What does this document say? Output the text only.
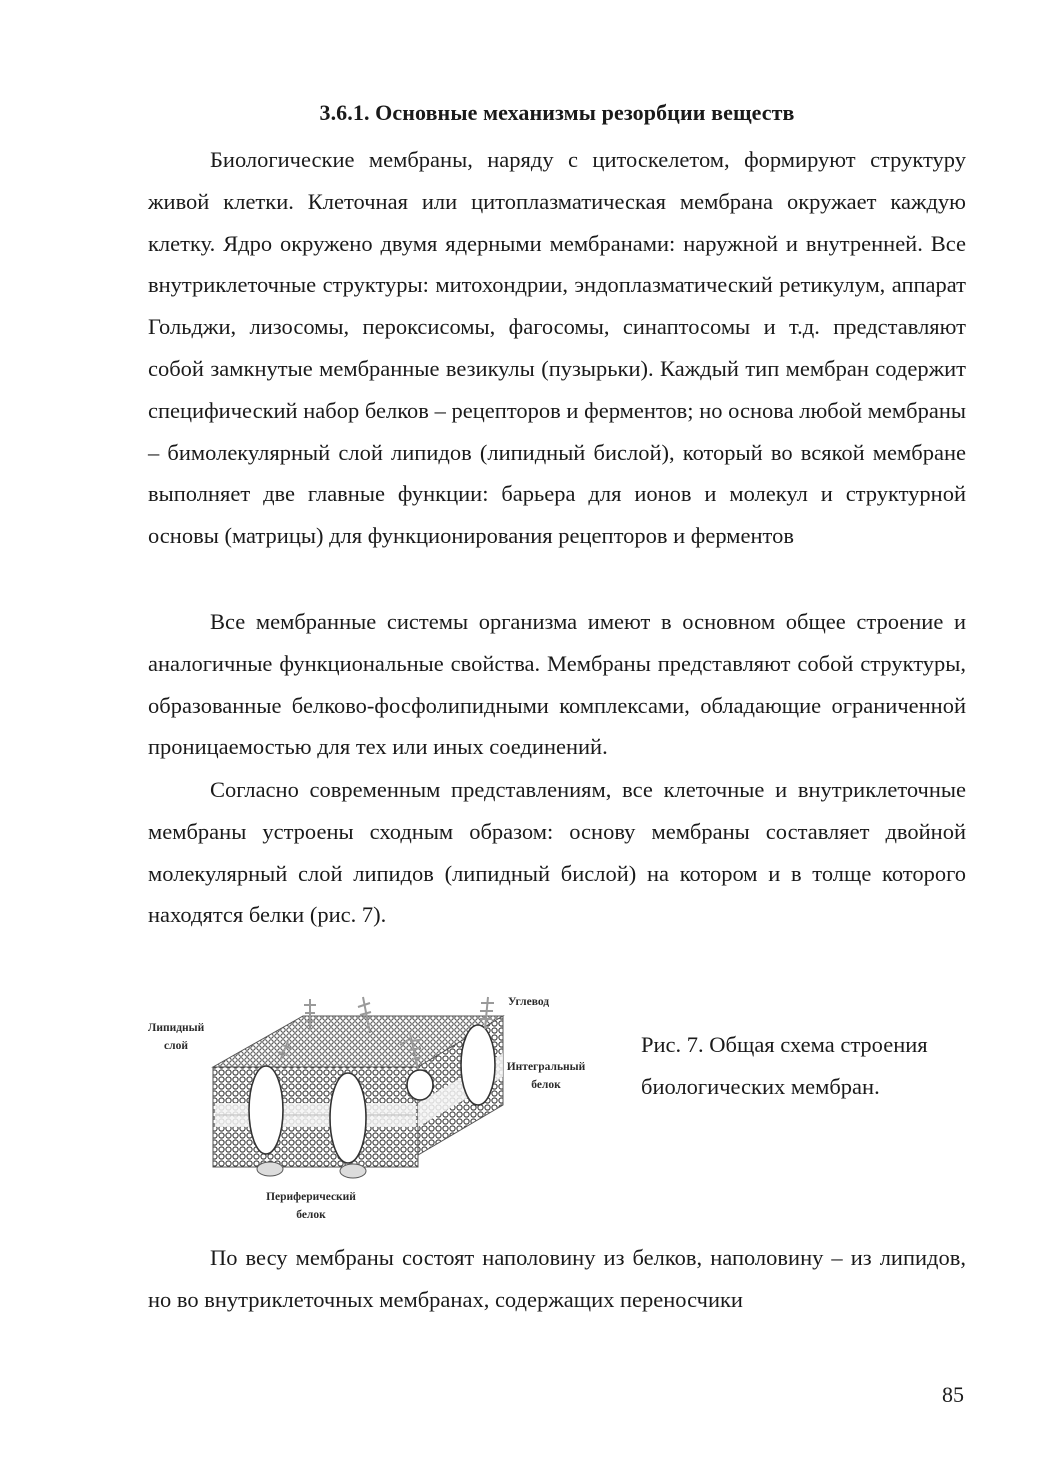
3.6.1. Основные механизмы резорбции веществ

Биологические мембраны, наряду с цитоскелетом, формируют структуру живой клетки. Клеточная или цитоплазматическая мембрана окружает каждую клетку. Ядро окружено двумя ядерными мембранами: наружной и внутренней. Все внутриклеточные структуры: митохондрии, эндоплазматический ретикулум, аппарат Гольджи, лизосомы, пероксисомы, фагосомы, синаптосомы и т.д. представляют собой замкнутые мембранные везикулы (пузырьки). Каждый тип мембран содержит специфический набор белков – рецепторов и ферментов; но основа любой мембраны – бимолекулярный слой липидов (липидный бислой), который во всякой мембране выполняет две главные функции: барьера для ионов и молекул и структурной основы (матрицы) для функционирования рецепторов и ферментов

Все мембранные системы организма имеют в основном общее строение и аналогичные функциональные свойства. Мембраны представляют собой структуры, образованные белково-фосфолипидными комплексами, обладающие ограниченной проницаемостью для тех или иных соединений.

Согласно современным представлениям, все клеточные и внутриклеточные мембраны устроены сходным образом: основу мембраны составляет двойной молекулярный слой липидов (липидный бислой) на котором и в толще которого находятся белки (рис. 7).

Липидный
слой
Углевод
Интегральный
белок
Периферический
белок
Рис. 7. Общая схема строения
биологических мембран.

По весу мембраны состоят наполовину из белков, наполовину – из липидов, но во внутриклеточных мембранах, содержащих переносчики

85
